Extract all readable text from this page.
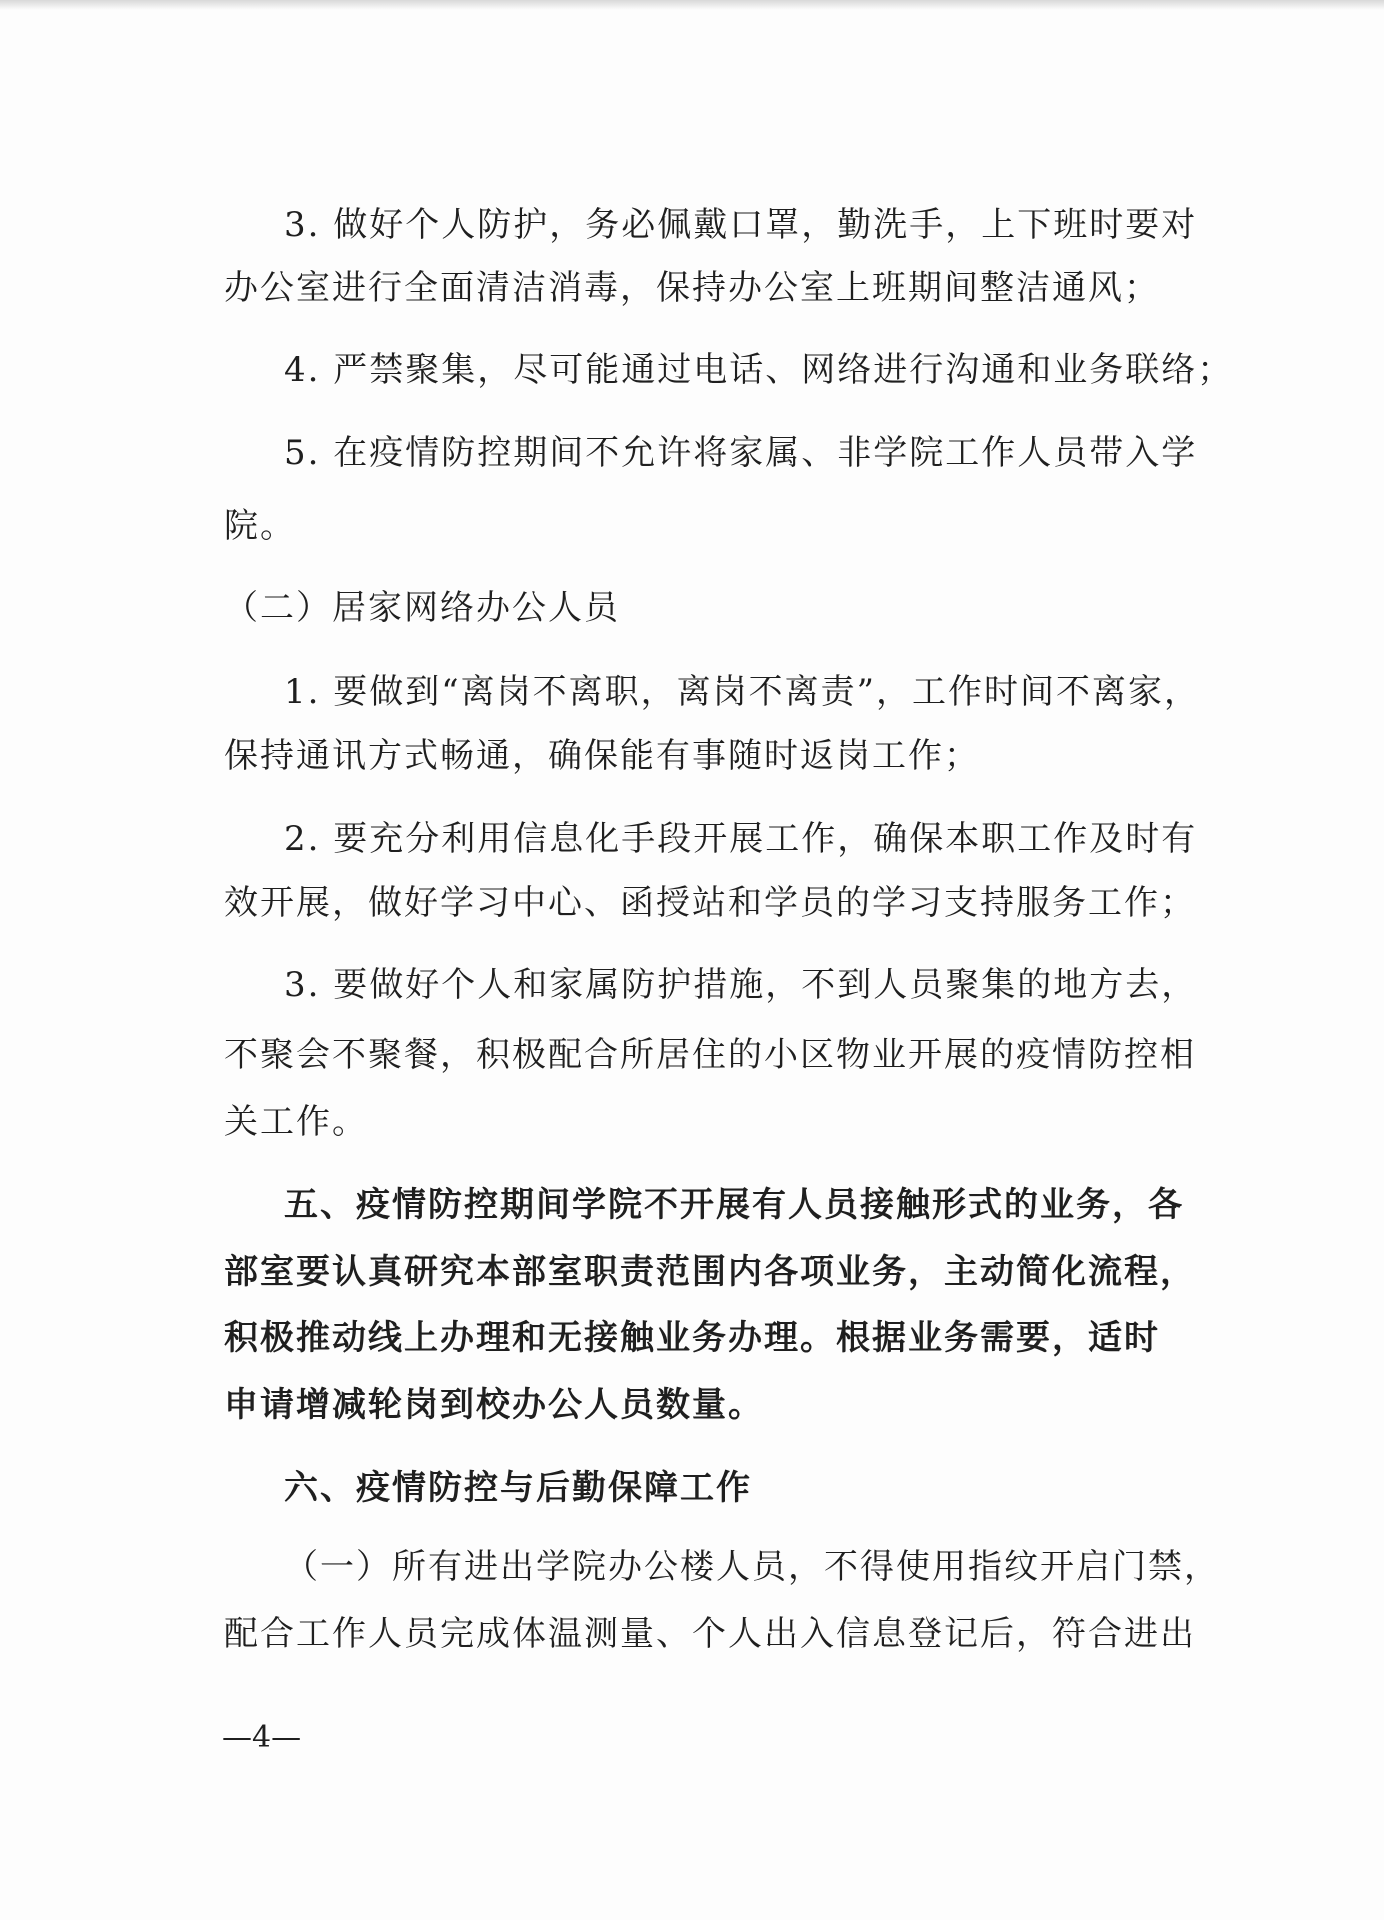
3. 做好个人防护，务必佩戴口罩，勤洗手，上下班时要对
办公室进行全面清洁消毒，保持办公室上班期间整洁通风；
4. 严禁聚集，尽可能通过电话、网络进行沟通和业务联络；
5. 在疫情防控期间不允许将家属、非学院工作人员带入学
院。
（二）居家网络办公人员
1. 要做到“离岗不离职，离岗不离责”，工作时间不离家，
保持通讯方式畅通，确保能有事随时返岗工作；
2. 要充分利用信息化手段开展工作，确保本职工作及时有
效开展，做好学习中心、函授站和学员的学习支持服务工作；
3. 要做好个人和家属防护措施，不到人员聚集的地方去，
不聚会不聚餐，积极配合所居住的小区物业开展的疫情防控相
关工作。
五、疫情防控期间学院不开展有人员接触形式的业务，各
部室要认真研究本部室职责范围内各项业务，主动简化流程，
积极推动线上办理和无接触业务办理。根据业务需要，适时
申请增减轮岗到校办公人员数量。
六、疫情防控与后勤保障工作
（一）所有进出学院办公楼人员，不得使用指纹开启门禁，
配合工作人员完成体温测量、个人出入信息登记后，符合进出
—4—
